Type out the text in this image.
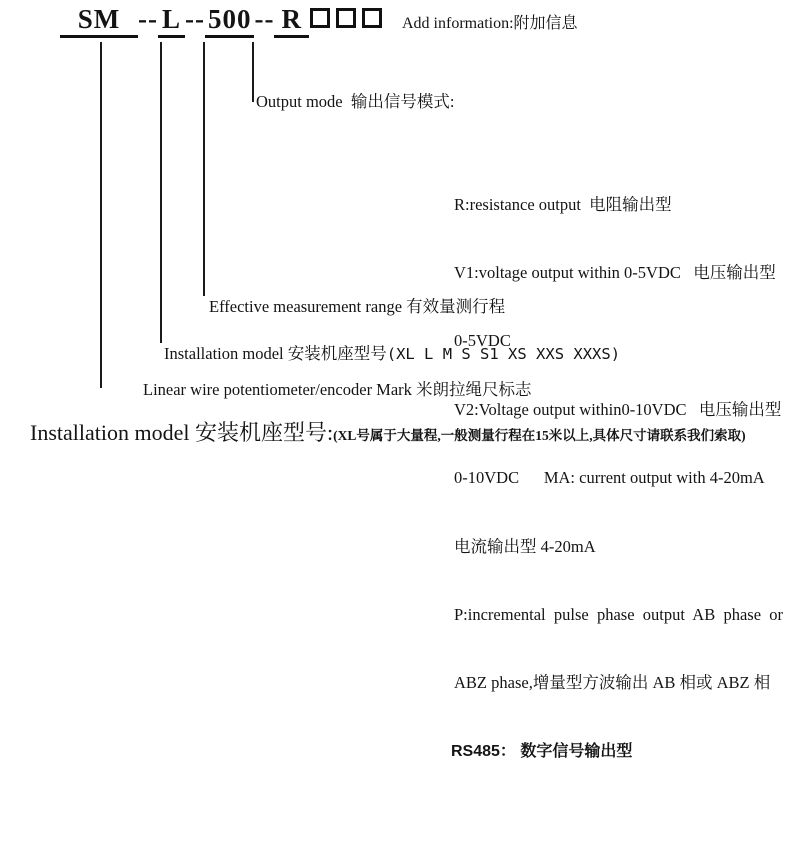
SM -- L -- 500 -- R	Add information:附加信息

Output mode  输出信号模式:

R:resistance output  电阻输出型

V1:voltage output within 0-5VDC   电压输出型

0-5VDC

V2:Voltage output within0-10VDC   电压输出型

0-10VDC      MA: current output with 4-20mA

电流输出型 4-20mA

P:incremental  pulse  phase  output  AB  phase  or

ABZ phase,增量型方波输出 AB 相或 ABZ 相

RS485： 数字信号输出型

Effective measurement range 有效量测行程
Installation model 安装机座型号(XL L M S S1 XS XXS XXXS)
Linear wire potentiometer/encoder Mark 米朗拉绳尺标志
Installation model 安装机座型号:(XL号属于大量程,一般测量行程在15米以上,具体尺寸请联系我们索取)
